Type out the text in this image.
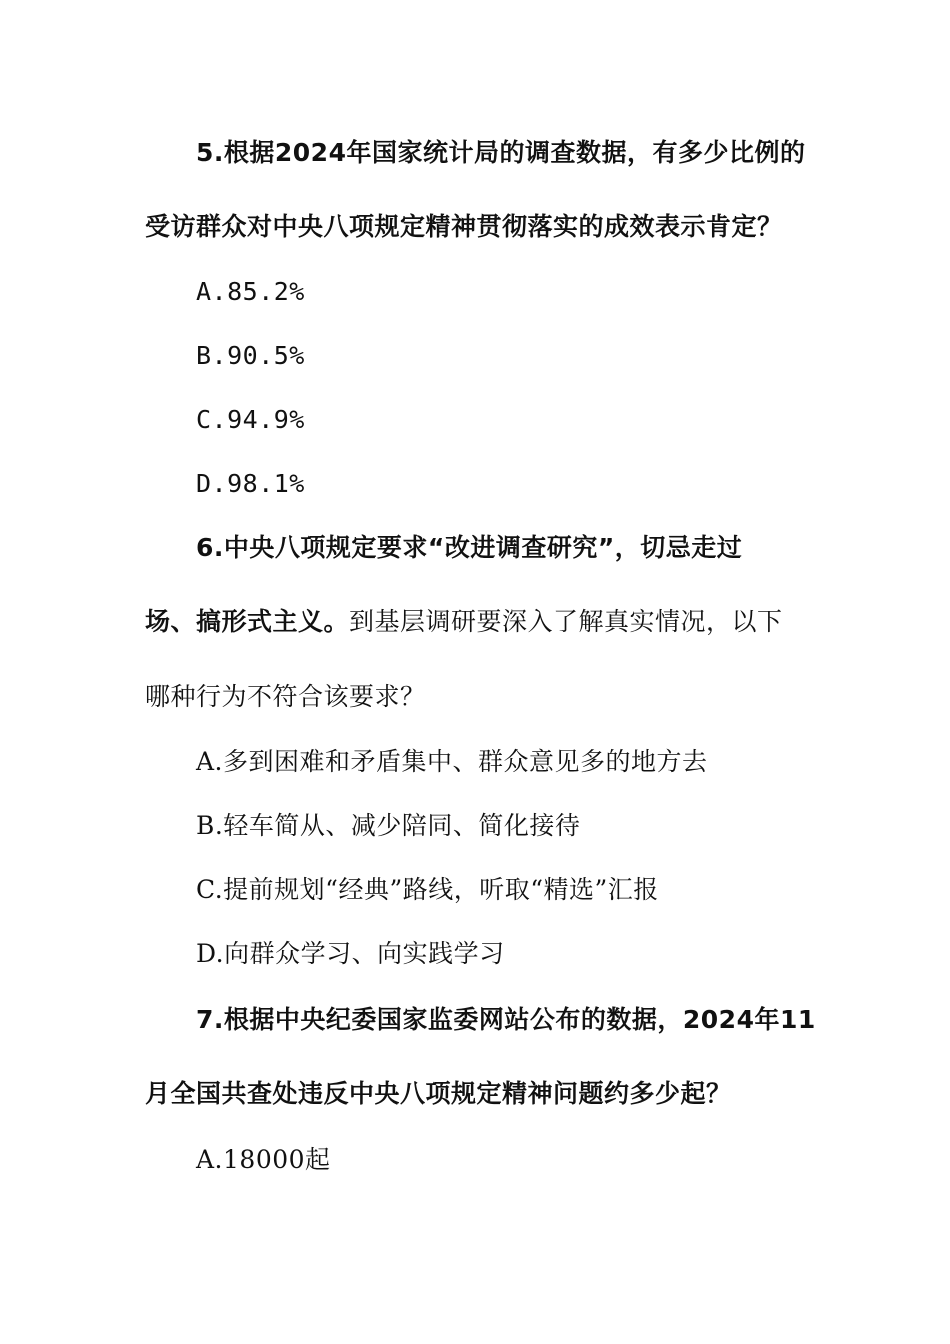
5.根据2024年国家统计局的调查数据，有多少比例的
受访群众对中央八项规定精神贯彻落实的成效表示肯定？
A.85.2%
B.90.5%
C.94.9%
D.98.1%
6.中央八项规定要求“改进调查研究”，切忌走过
场、搞形式主义。到基层调研要深入了解真实情况，以下
哪种行为不符合该要求？
A.多到困难和矛盾集中、群众意见多的地方去
B.轻车简从、减少陪同、简化接待
C.提前规划“经典”路线，听取“精选”汇报
D.向群众学习、向实践学习
7.根据中央纪委国家监委网站公布的数据，2024年11
月全国共查处违反中央八项规定精神问题约多少起？
A.18000起
